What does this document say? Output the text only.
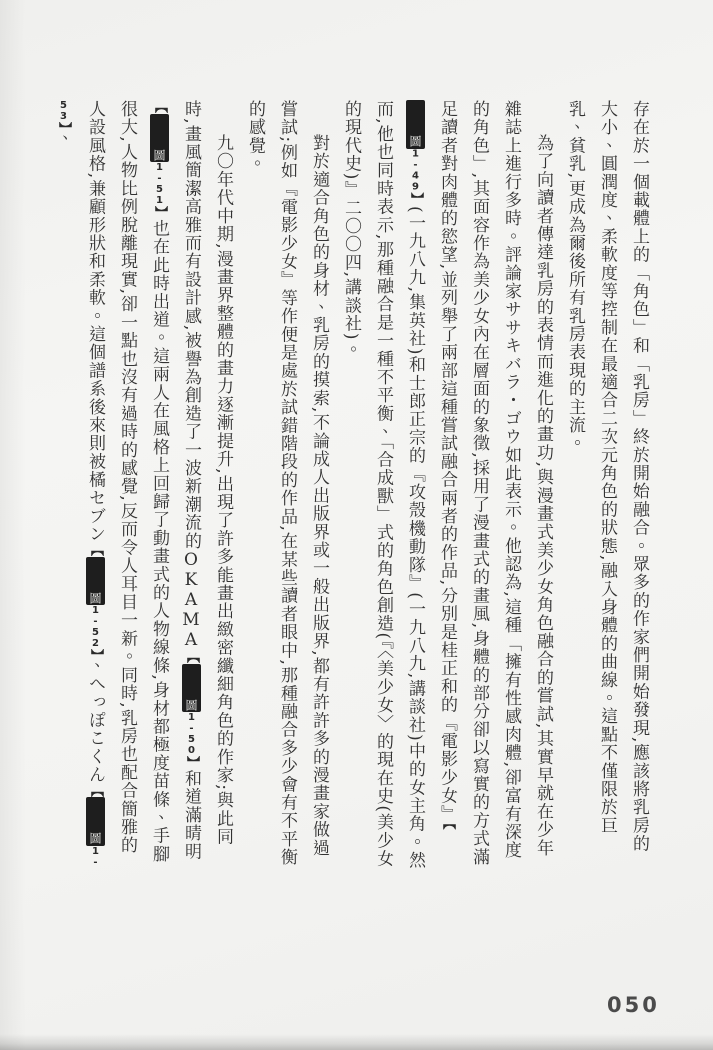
存在於一個載體上的「角色」和「乳房」終於開始融合。眾多的作家們開始發現,應該將乳房的大小、圓潤度、柔軟度等控制在最適合二次元角色的狀態,融入身體的曲線。這點不僅限於巨乳、貧乳,更成為爾後所有乳房表現的主流。

為了向讀者傳達乳房的表情而進化的畫功,與漫畫式美少女角色融合的嘗試,其實早就在少年雜誌上進行多時。評論家ササキバラ・ゴウ如此表示。他認為,這種「擁有性感肉體,卻富有深度的角色」,其面容作為美少女內在層面的象徵,採用了漫畫式的畫風,身體的部分卻以寫實的方式滿足讀者對肉體的慾望,並列舉了兩部這種嘗試融合兩者的作品,分別是桂正和的『電影少女』【圖1-49】(一九八九,集英社)和士郎正宗的『攻殼機動隊』(一九八九,講談社)中的女主角。然而,他也同時表示,那種融合是一種不平衡、「合成獸」式的角色創造(『〈美少女〉的現在史(美少女的現代史)』二〇〇四,講談社)。

對於適合角色的身材、乳房的摸索,不論成人出版界或一般出版界,都有許許多的漫畫家做過嘗試;例如『電影少女』等作便是處於試錯階段的作品,在某些讀者眼中,那種融合多少會有不平衡的感覺。

九〇年代中期,漫畫界整體的畫力逐漸提升,出現了許多能畫出緻密纖細角色的作家;與此同時,畫風簡潔高雅而有設計感,被譽為創造了一波新潮流的OKAMA【圖1-50】和道滿晴明【圖1-51】也在此時出道。這兩人在風格上回歸了動畫式的人物線條,身材都極度苗條、手腳很大,人物比例脫離現實,卻一點也沒有過時的感覺,反而令人耳目一新。同時,乳房也配合簡雅的人設風格,兼顧形狀和柔軟。這個譜系後來則被橘セブン【圖1-52】、へっぽこくん【圖1-53】、

050
